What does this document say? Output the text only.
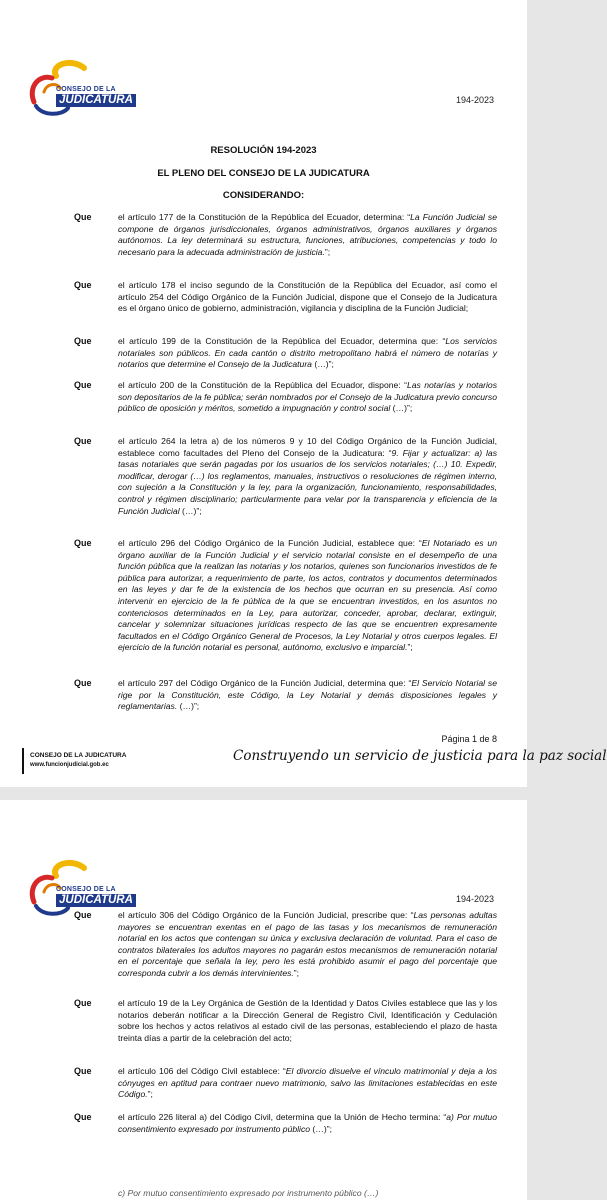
CONSEJO DE LA
JUDICATURA	194-2023
RESOLUCIÓN 194-2023
EL PLENO DEL CONSEJO DE LA JUDICATURA
CONSIDERANDO:
Que	el artículo 177 de la Constitución de la República del Ecuador, determina: “La Función Judicial se compone de órganos jurisdiccionales, órganos administrativos, órganos auxiliares y órganos autónomos. La ley determinará su estructura, funciones, atribuciones, competencias y todo lo necesario para la adecuada administración de justicia.”;
Que	el artículo 178 el inciso segundo de la Constitución de la República del Ecuador, así como el artículo 254 del Código Orgánico de la Función Judicial, dispone que el Consejo de la Judicatura es el órgano único de gobierno, administración, vigilancia y disciplina de la Función Judicial;
Que	el artículo 199 de la Constitución de la República del Ecuador, determina que: “Los servicios notariales son públicos. En cada cantón o distrito metropolitano habrá el número de notarías y notarios que determine el Consejo de la Judicatura (…)”;
Que	el artículo 200 de la Constitución de la República del Ecuador, dispone: “Las notarías y notarios son depositarios de la fe pública; serán nombrados por el Consejo de la Judicatura previo concurso público de oposición y méritos, sometido a impugnación y control social (…)”;
Que	el artículo 264 la letra a) de los números 9 y 10 del Código Orgánico de la Función Judicial, establece como facultades del Pleno del Consejo de la Judicatura: “9. Fijar y actualizar: a) las tasas notariales que serán pagadas por los usuarios de los servicios notariales; (…) 10. Expedir, modificar, derogar (…) los reglamentos, manuales, instructivos o resoluciones de régimen interno, con sujeción a la Constitución y la ley, para la organización, funcionamiento, responsabilidades, control y régimen disciplinario; particularmente para velar por la transparencia y eficiencia de la Función Judicial (…)”;
Que	el artículo 296 del Código Orgánico de la Función Judicial, establece que: “El Notariado es un órgano auxiliar de la Función Judicial y el servicio notarial consiste en el desempeño de una función pública que la realizan las notarias y los notarios, quienes son funcionarios investidos de fe pública para autorizar, a requerimiento de parte, los actos, contratos y documentos determinados en las leyes y dar fe de la existencia de los hechos que ocurran en su presencia. Así como intervenir en ejercicio de la fe pública de la que se encuentran investidos, en los asuntos no contenciosos determinados en la Ley, para autorizar, conceder, aprobar, declarar, extinguir, cancelar y solemnizar situaciones jurídicas respecto de las que se encuentren expresamente facultados en el Código Orgánico General de Procesos, la Ley Notarial y otros cuerpos legales. El ejercicio de la función notarial es personal, autónomo, exclusivo e imparcial.”;
Que	el artículo 297 del Código Orgánico de la Función Judicial, determina que: “El Servicio Notarial se rige por la Constitución, este Código, la Ley Notarial y demás disposiciones legales y reglamentarias. (…)”;
Página 1 de 8
CONSEJO DE LA JUDICATURA
www.funcionjudicial.gob.ec
Construyendo un servicio de justicia para la paz social
CONSEJO DE LA
JUDICATURA	194-2023
Que	el artículo 306 del Código Orgánico de la Función Judicial, prescribe que: “Las personas adultas mayores se encuentran exentas en el pago de las tasas y los mecanismos de remuneración notarial en los actos que contengan su única y exclusiva declaración de voluntad. Para el caso de contratos bilaterales los adultos mayores no pagarán estos mecanismos de remuneración notarial en el porcentaje que señala la ley, pero les está prohibido asumir el pago del porcentaje que corresponda cubrir a los demás intervinientes.”;
Que	el artículo 19 de la Ley Orgánica de Gestión de la Identidad y Datos Civiles establece que las y los notarios deberán notificar a la Dirección General de Registro Civil, Identificación y Cedulación sobre los hechos y actos relativos al estado civil de las personas, estableciendo el plazo de hasta treinta días a partir de la celebración del acto;
Que	el artículo 106 del Código Civil establece: “El divorcio disuelve el vínculo matrimonial y deja a los cónyuges en aptitud para contraer nuevo matrimonio, salvo las limitaciones establecidas en este Código.”;
Que	el artículo 226 literal a) del Código Civil, determina que la Unión de Hecho termina: “a) Por mutuo consentimiento expresado por instrumento público (…)”;
c) Por mutuo consentimiento expresado por instrumento público (…)
